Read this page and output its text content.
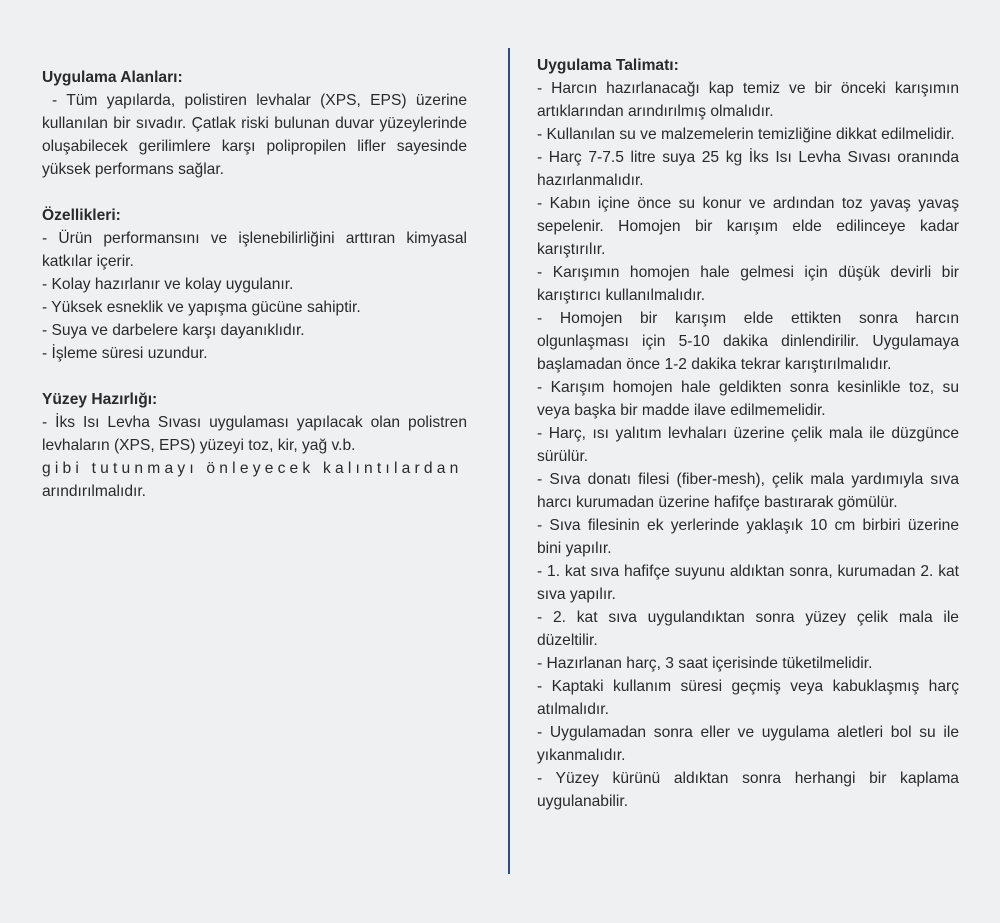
Uygulama Alanları:

- Tüm yapılarda, polistiren levhalar (XPS, EPS) üzerine kullanılan bir sıvadır. Çatlak riski bulunan duvar yüzeylerinde oluşabilecek gerilimlere karşı polipropilen lifler sayesinde yüksek performans sağlar.

Özellikleri:

- Ürün performansını ve işlenebilirliğini arttıran kimyasal katkılar içerir.

- Kolay hazırlanır ve kolay uygulanır.

- Yüksek esneklik ve yapışma gücüne sahiptir.

- Suya ve darbelere karşı dayanıklıdır.

- İşleme süresi uzundur.

Yüzey Hazırlığı:

- İks Isı Levha Sıvası uygulaması yapılacak olan polistren levhaların (XPS, EPS) yüzeyi toz, kir, yağ v.b.

gibi tutunmayı önleyecek kalıntılardan

arındırılmalıdır.

Uygulama Talimatı:

- Harcın hazırlanacağı kap temiz ve bir önceki karışımın artıklarından arındırılmış olmalıdır.

- Kullanılan su ve malzemelerin temizliğine dikkat edilmelidir.

- Harç 7-7.5 litre suya 25 kg İks Isı Levha Sıvası oranında hazırlanmalıdır.

- Kabın içine önce su konur ve ardından toz yavaş yavaş sepelenir. Homojen bir karışım elde edilinceye kadar karıştırılır.

- Karışımın homojen hale gelmesi için düşük devirli bir karıştırıcı kullanılmalıdır.

- Homojen bir karışım elde ettikten sonra harcın olgunlaşması için 5-10 dakika dinlendirilir. Uygulamaya başlamadan önce 1-2 dakika tekrar karıştırılmalıdır.

- Karışım homojen hale geldikten sonra kesinlikle toz, su veya başka bir madde ilave edilmemelidir.

- Harç, ısı yalıtım levhaları üzerine çelik mala ile düzgünce sürülür.

- Sıva donatı filesi (fiber-mesh), çelik mala yardımıyla sıva harcı kurumadan üzerine hafifçe bastırarak gömülür.

- Sıva filesinin ek yerlerinde yaklaşık 10 cm birbiri üzerine bini yapılır.

- 1. kat sıva hafifçe suyunu aldıktan sonra, kurumadan 2. kat sıva yapılır.

- 2. kat sıva uygulandıktan sonra yüzey çelik mala ile düzeltilir.

- Hazırlanan harç, 3 saat içerisinde tüketilmelidir.

- Kaptaki kullanım süresi geçmiş veya kabuklaşmış harç atılmalıdır.

- Uygulamadan sonra eller ve uygulama aletleri bol su ile yıkanmalıdır.

- Yüzey kürünü aldıktan sonra herhangi bir kaplama uygulanabilir.
